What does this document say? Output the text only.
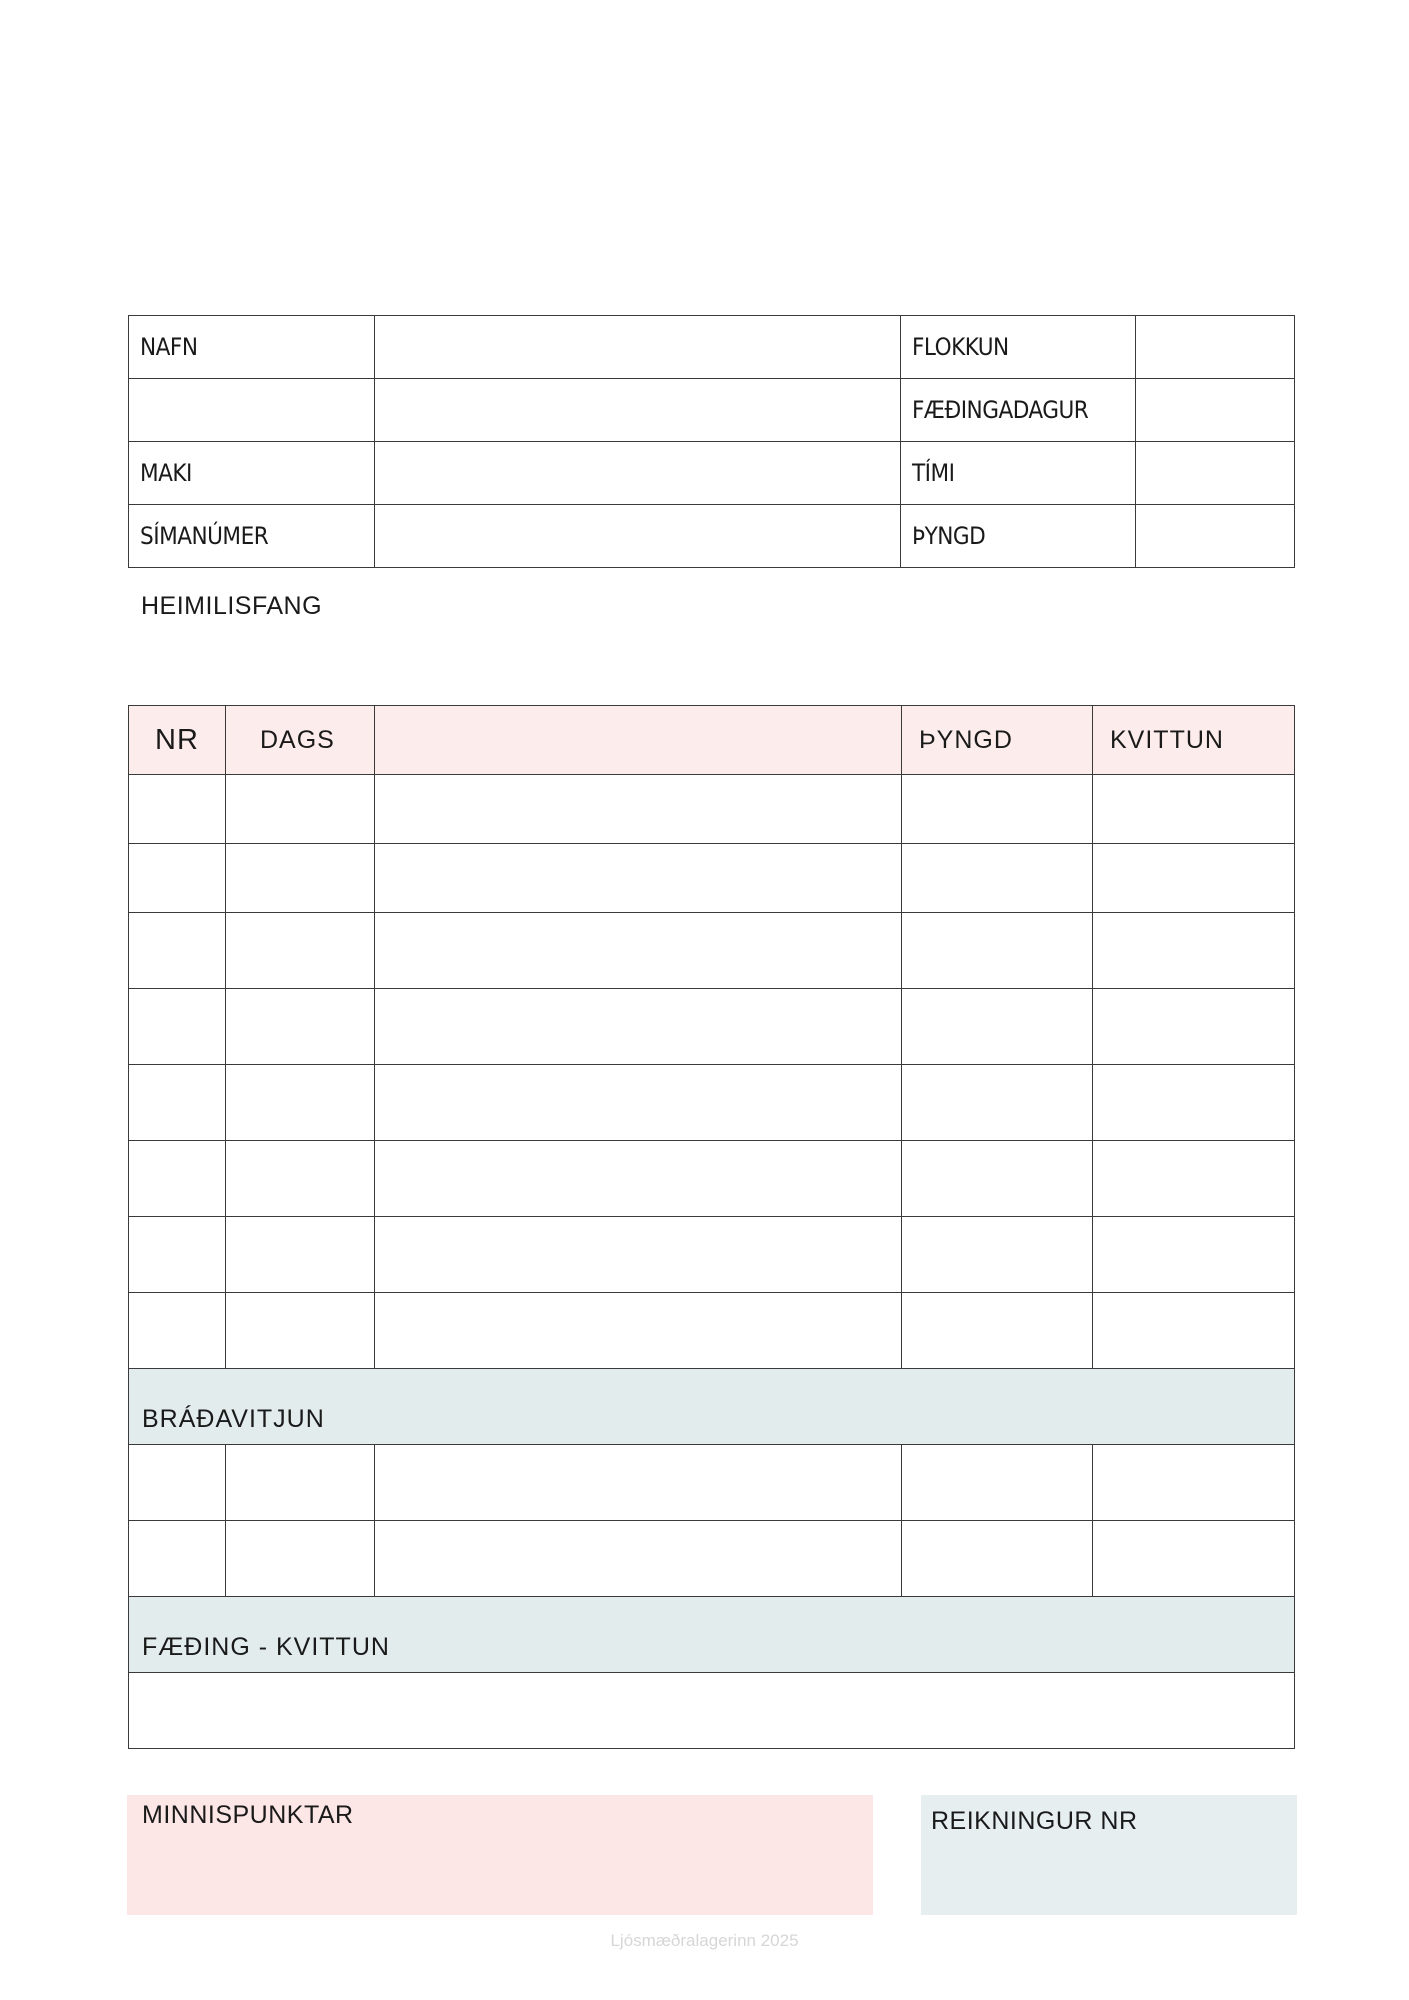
NAFN		FLOKKUN	
		FÆÐINGADAGUR	
MAKI		TÍMI	
SÍMANÚMER		ÞYNGD	
HEIMILISFANG
NR	DAGS		ÞYNGD	KVITTUN

BRÁÐAVITJUN				

FÆÐING - KVITTUN				

MINNISPUNKTAR	REIKNINGUR NR
Ljósmæðralagerinn 2025
